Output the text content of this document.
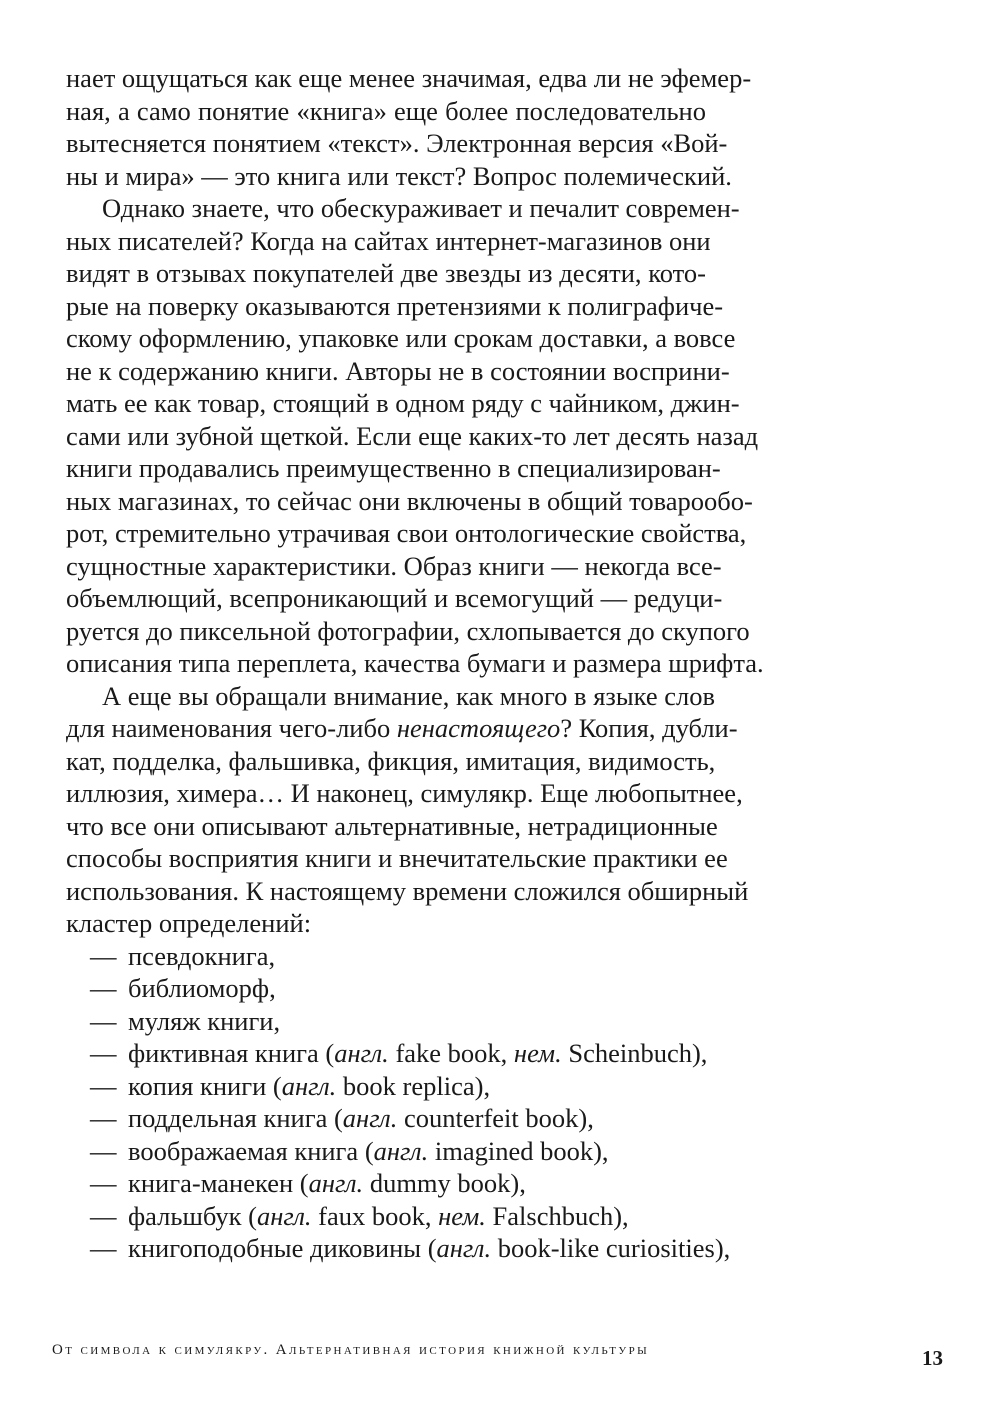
нает ощущаться как еще менее значимая, едва ли не эфемер-
ная, а само понятие «книга» еще более последовательно
вытесняется понятием «текст». Электронная версия «Вой-
ны и мира» — это книга или текст? Вопрос полемический.
Однако знаете, что обескураживает и печалит современ-
ных писателей? Когда на сайтах интернет-магазинов они
видят в отзывах покупателей две звезды из десяти, кото-
рые на поверку оказываются претензиями к полиграфиче-
скому оформлению, упаковке или срокам доставки, а вовсе
не к содержанию книги. Авторы не в состоянии восприни-
мать ее как товар, стоящий в одном ряду с чайником, джин-
сами или зубной щеткой. Если еще каких-то лет десять назад
книги продавались преимущественно в специализирован-
ных магазинах, то сейчас они включены в общий товарообо-
рот, стремительно утрачивая свои онтологические свойства,
сущностные характеристики. Образ книги — некогда все-
объемлющий, всепроникающий и всемогущий — редуци-
руется до пиксельной фотографии, схлопывается до скупого
описания типа переплета, качества бумаги и размера шрифта.
А еще вы обращали внимание, как много в языке слов
для наименования чего-либо ненастоящего? Копия, дубли-
кат, подделка, фальшивка, фикция, имитация, видимость,
иллюзия, химера… И наконец, симулякр. Еще любопытнее,
что все они описывают альтернативные, нетрадиционные
способы восприятия книги и внечитательские практики ее
использования. К настоящему времени сложился обширный
кластер определений:
— псевдокнига,
— библиоморф,
— муляж книги,
— фиктивная книга (англ. fake book, нем. Scheinbuch),
— копия книги (англ. book replica),
— поддельная книга (англ. counterfeit book),
— воображаемая книга (англ. imagined book),
— книга-манекен (англ. dummy book),
— фальшбук (англ. faux book, нем. Falschbuch),
— книгоподобные диковины (англ. book-like curiosities),
От символа к симулякру. Альтернативная история книжной культуры	13
